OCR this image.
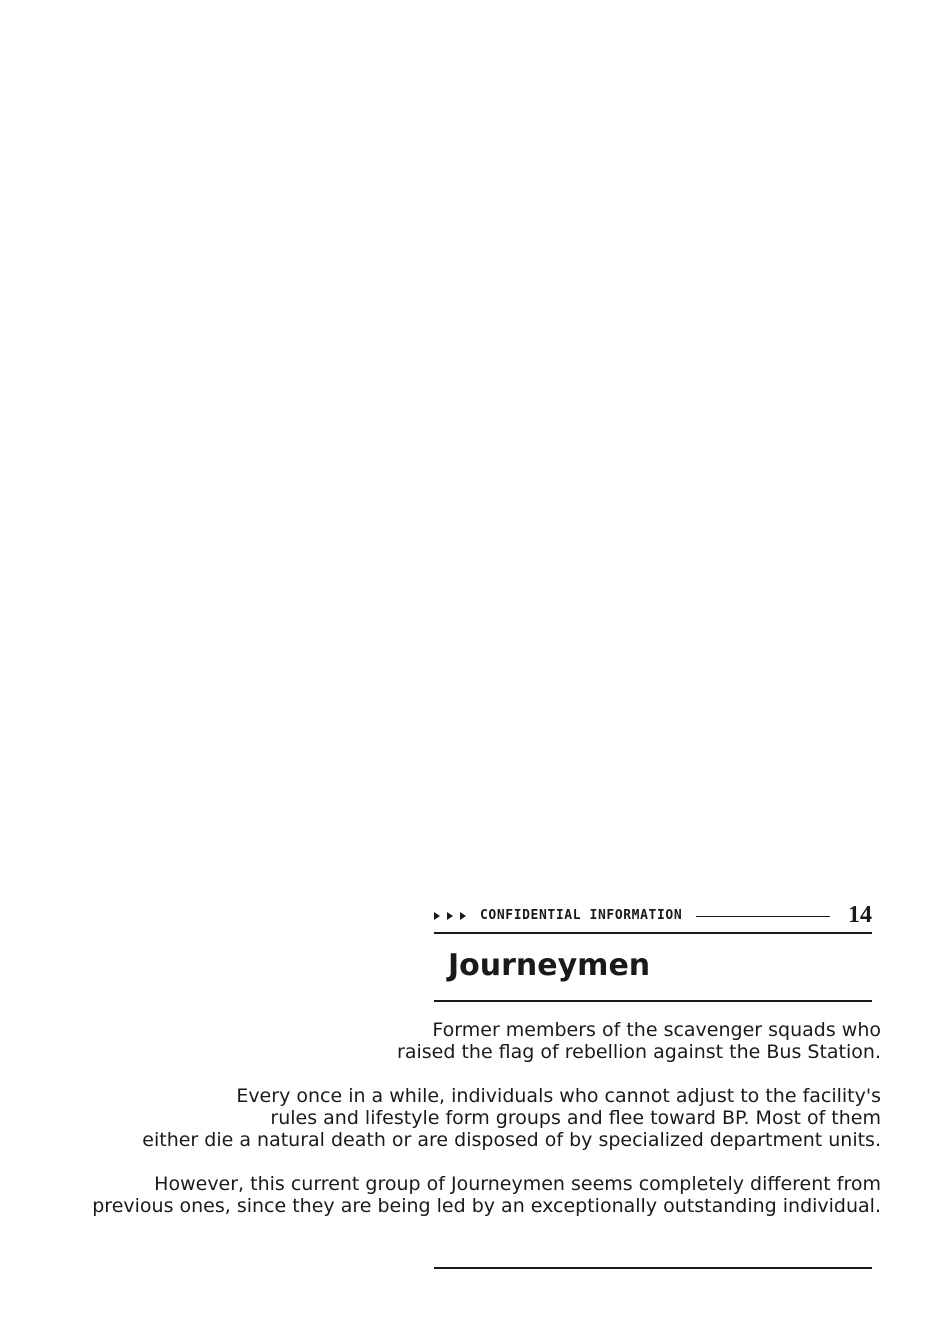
CONFIDENTIAL INFORMATION	14
Journeymen

Former members of the scavenger squads who
raised the flag of rebellion against the Bus Station.

Every once in a while, individuals who cannot adjust to the facility's
rules and lifestyle form groups and flee toward BP. Most of them
either die a natural death or are disposed of by specialized department units.

However, this current group of Journeymen seems completely different from
previous ones, since they are being led by an exceptionally outstanding individual.
